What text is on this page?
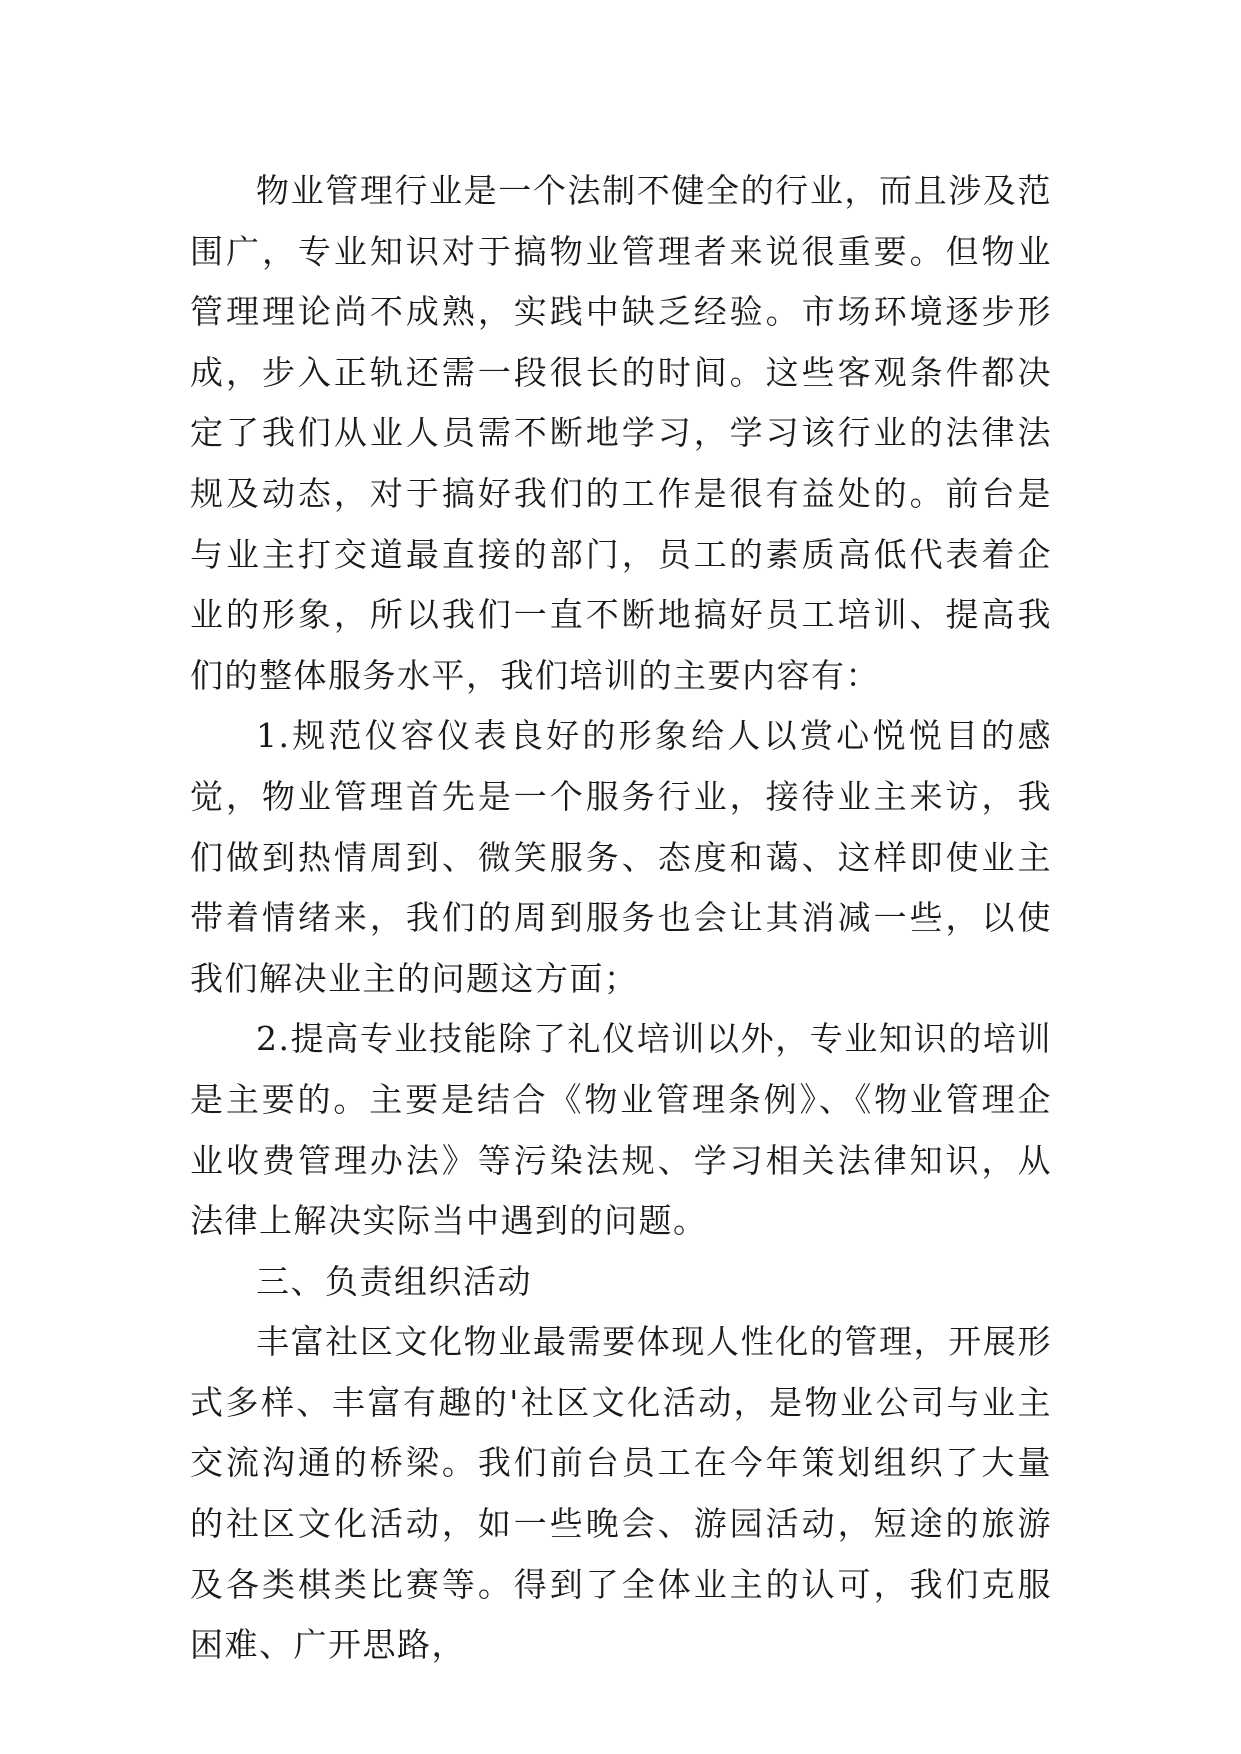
物业管理行业是一个法制不健全的行业，而且涉及范围广，专业知识对于搞物业管理者来说很重要。但物业管理理论尚不成熟，实践中缺乏经验。市场环境逐步形成，步入正轨还需一段很长的时间。这些客观条件都决定了我们从业人员需不断地学习，学习该行业的法律法规及动态，对于搞好我们的工作是很有益处的。前台是与业主打交道最直接的部门，员工的素质高低代表着企业的形象，所以我们一直不断地搞好员工培训、提高我们的整体服务水平，我们培训的主要内容有：

1.规范仪容仪表良好的形象给人以赏心悦悦目的感觉，物业管理首先是一个服务行业，接待业主来访，我们做到热情周到、微笑服务、态度和蔼、这样即使业主带着情绪来，我们的周到服务也会让其消减一些，以使我们解决业主的问题这方面；

2.提高专业技能除了礼仪培训以外，专业知识的培训是主要的。主要是结合《物业管理条例》、《物业管理企业收费管理办法》等污染法规、学习相关法律知识，从法律上解决实际当中遇到的问题。

三、负责组织活动

丰富社区文化物业最需要体现人性化的管理，开展形式多样、丰富有趣的'社区文化活动，是物业公司与业主交流沟通的桥梁。我们前台员工在今年策划组织了大量的社区文化活动，如一些晚会、游园活动，短途的旅游及各类棋类比赛等。得到了全体业主的认可，我们克服困难、广开思路，
